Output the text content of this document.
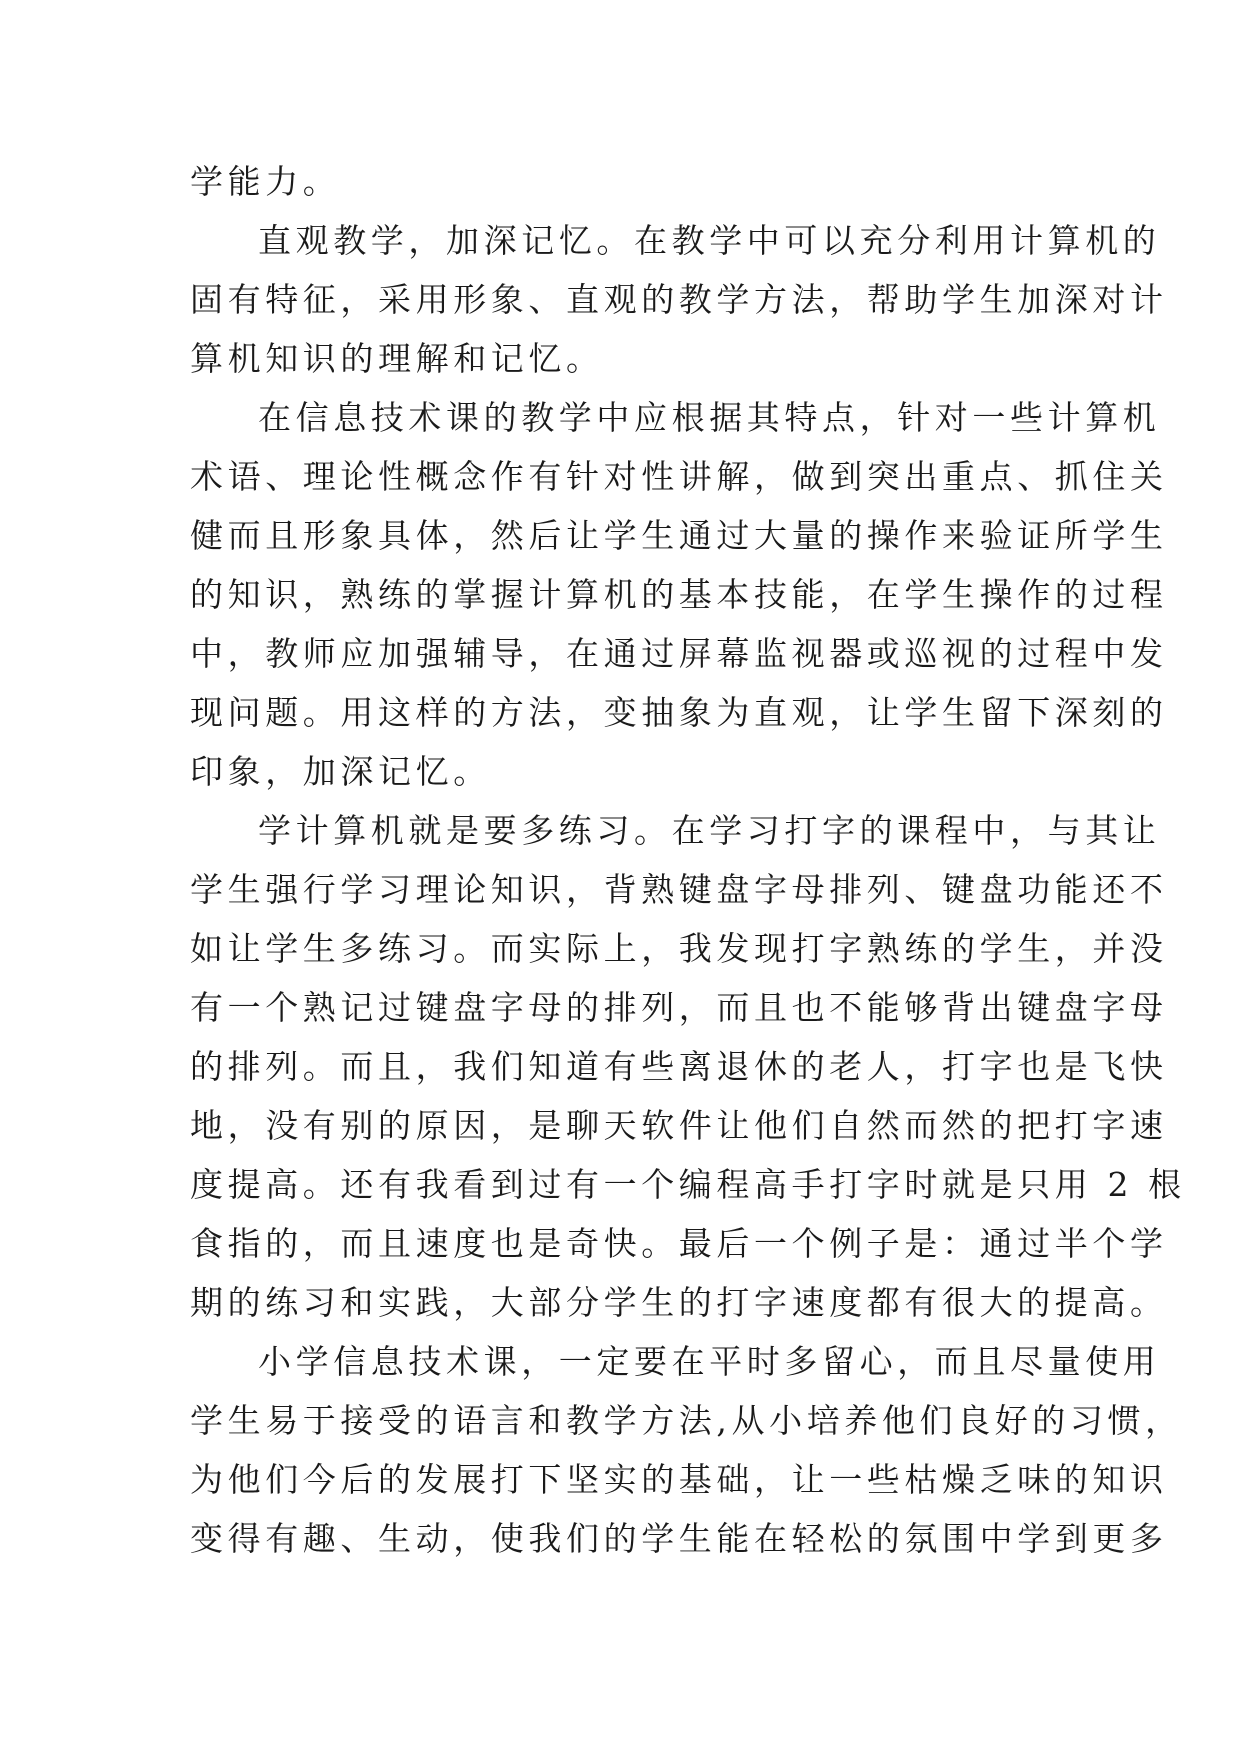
学能力。

直观教学，加深记忆。在教学中可以充分利用计算机的

固有特征，采用形象、直观的教学方法，帮助学生加深对计

算机知识的理解和记忆。

在信息技术课的教学中应根据其特点，针对一些计算机

术语、理论性概念作有针对性讲解，做到突出重点、抓住关

健而且形象具体，然后让学生通过大量的操作来验证所学生

的知识，熟练的掌握计算机的基本技能，在学生操作的过程

中，教师应加强辅导，在通过屏幕监视器或巡视的过程中发

现问题。用这样的方法，变抽象为直观，让学生留下深刻的

印象，加深记忆。

学计算机就是要多练习。在学习打字的课程中，与其让

学生强行学习理论知识，背熟键盘字母排列、键盘功能还不

如让学生多练习。而实际上，我发现打字熟练的学生，并没

有一个熟记过键盘字母的排列，而且也不能够背出键盘字母

的排列。而且，我们知道有些离退休的老人，打字也是飞快

地，没有别的原因，是聊天软件让他们自然而然的把打字速

度提高。还有我看到过有一个编程高手打字时就是只用 2 根

食指的，而且速度也是奇快。最后一个例子是：通过半个学

期的练习和实践，大部分学生的打字速度都有很大的提高。

小学信息技术课，一定要在平时多留心，而且尽量使用

学生易于接受的语言和教学方法,从小培养他们良好的习惯，

为他们今后的发展打下坚实的基础，让一些枯燥乏味的知识

变得有趣、生动，使我们的学生能在轻松的氛围中学到更多
